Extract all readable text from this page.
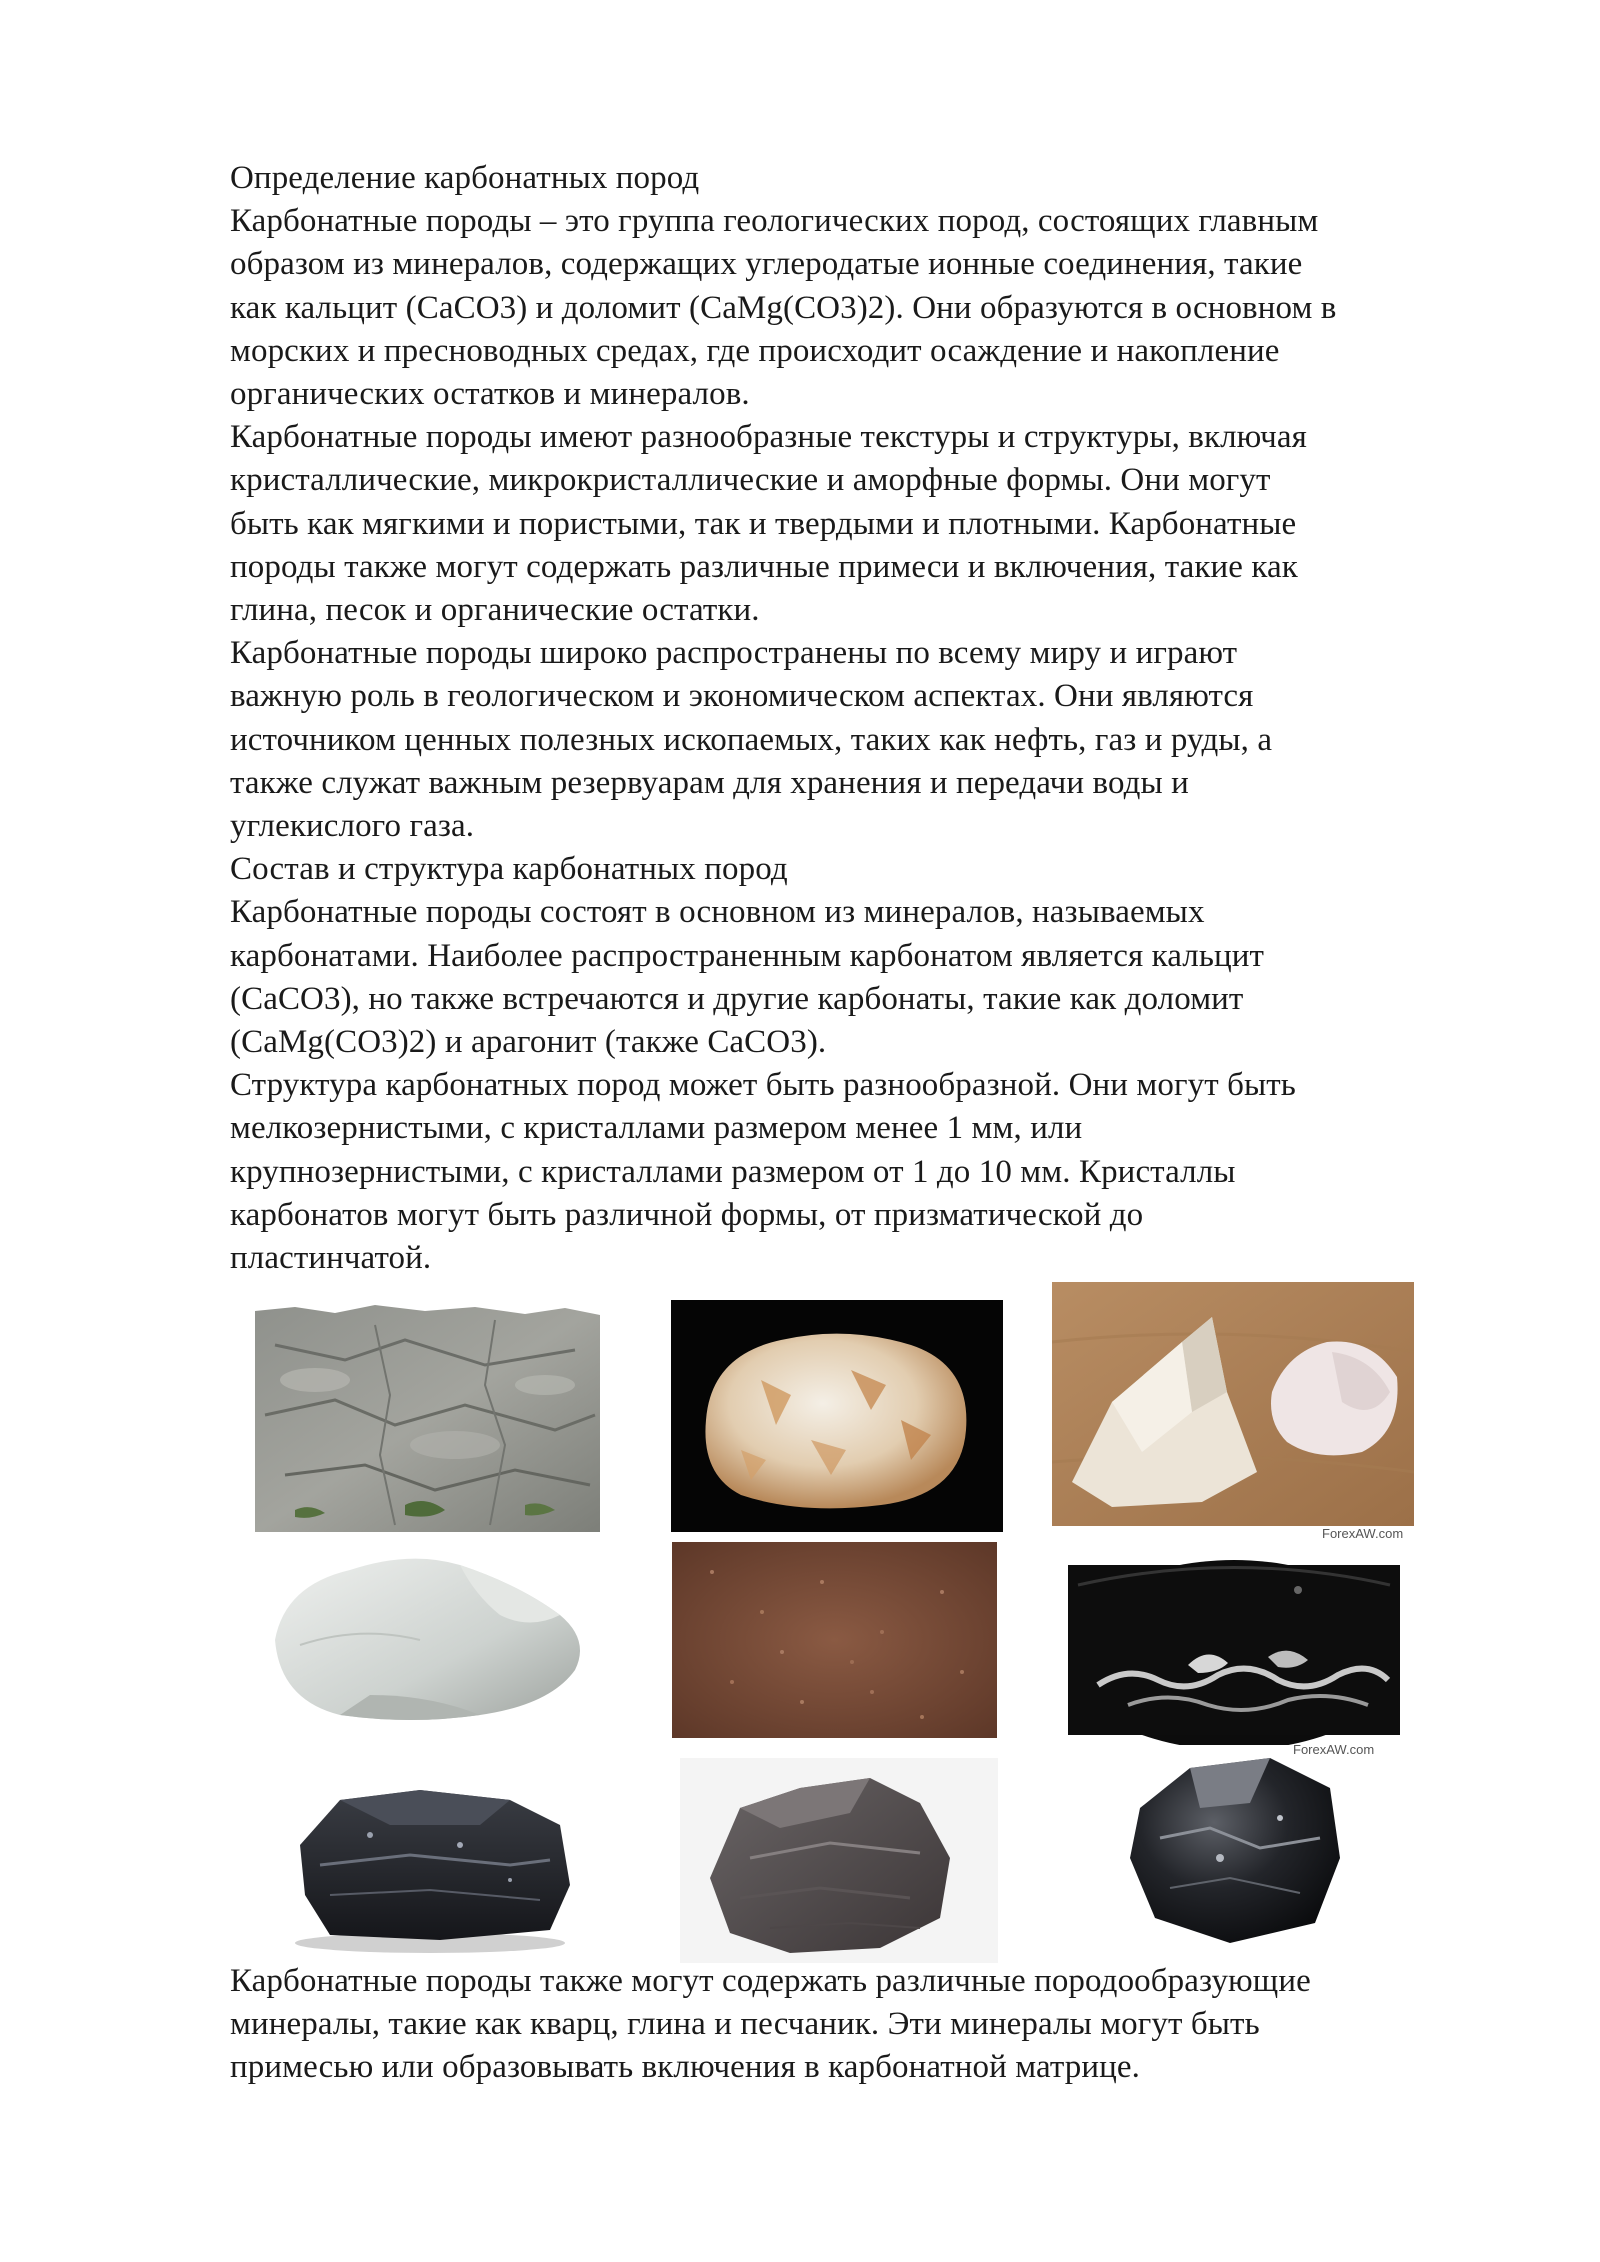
Определение карбонатных пород
Карбонатные породы – это группа геологических пород, состоящих главным
образом из минералов, содержащих углеродатые ионные соединения, такие
как кальцит (CaCO3) и доломит (CaMg(CO3)2). Они образуются в основном в
морских и пресноводных средах, где происходит осаждение и накопление
органических остатков и минералов.
Карбонатные породы имеют разнообразные текстуры и структуры, включая
кристаллические, микрокристаллические и аморфные формы. Они могут
быть как мягкими и пористыми, так и твердыми и плотными. Карбонатные
породы также могут содержать различные примеси и включения, такие как
глина, песок и органические остатки.
Карбонатные породы широко распространены по всему миру и играют
важную роль в геологическом и экономическом аспектах. Они являются
источником ценных полезных ископаемых, таких как нефть, газ и руды, а
также служат важным резервуарам для хранения и передачи воды и
углекислого газа.
Состав и структура карбонатных пород
Карбонатные породы состоят в основном из минералов, называемых
карбонатами. Наиболее распространенным карбонатом является кальцит
(CaCO3), но также встречаются и другие карбонаты, такие как доломит
(CaMg(CO3)2) и арагонит (также CaCO3).
Структура карбонатных пород может быть разнообразной. Они могут быть
мелкозернистыми, с кристаллами размером менее 1 мм, или
крупнозернистыми, с кристаллами размером от 1 до 10 мм. Кристаллы
карбонатов могут быть различной формы, от призматической до
пластинчатой.
ForexAW.com
ForexAW.com
Карбонатные породы также могут содержать различные породообразующие
минералы, такие как кварц, глина и песчаник. Эти минералы могут быть
примесью или образовывать включения в карбонатной матрице.
